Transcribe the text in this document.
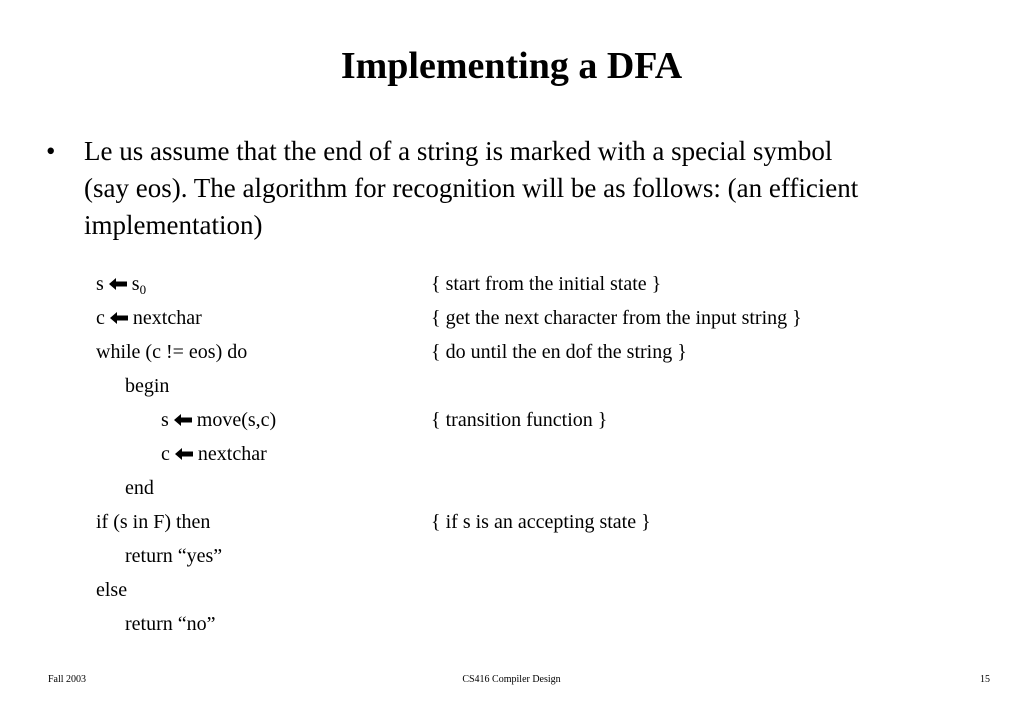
Implementing a DFA
•	Le us assume that the end of a string is marked with a special symbol
(say eos). The algorithm for recognition will be as follows: (an efficient
implementation)
s $s_0$	{ start from the initial state }
c nextchar	{ get the next character from the input string }
while (c != eos) do	{ do until the en dof the string }
begin
s move(s,c)	{ transition function }
c nextchar
end
if (s in F) then	{ if s is an accepting state }
return “yes”
else
return “no”
Fall 2003	CS416 Compiler Design	15
